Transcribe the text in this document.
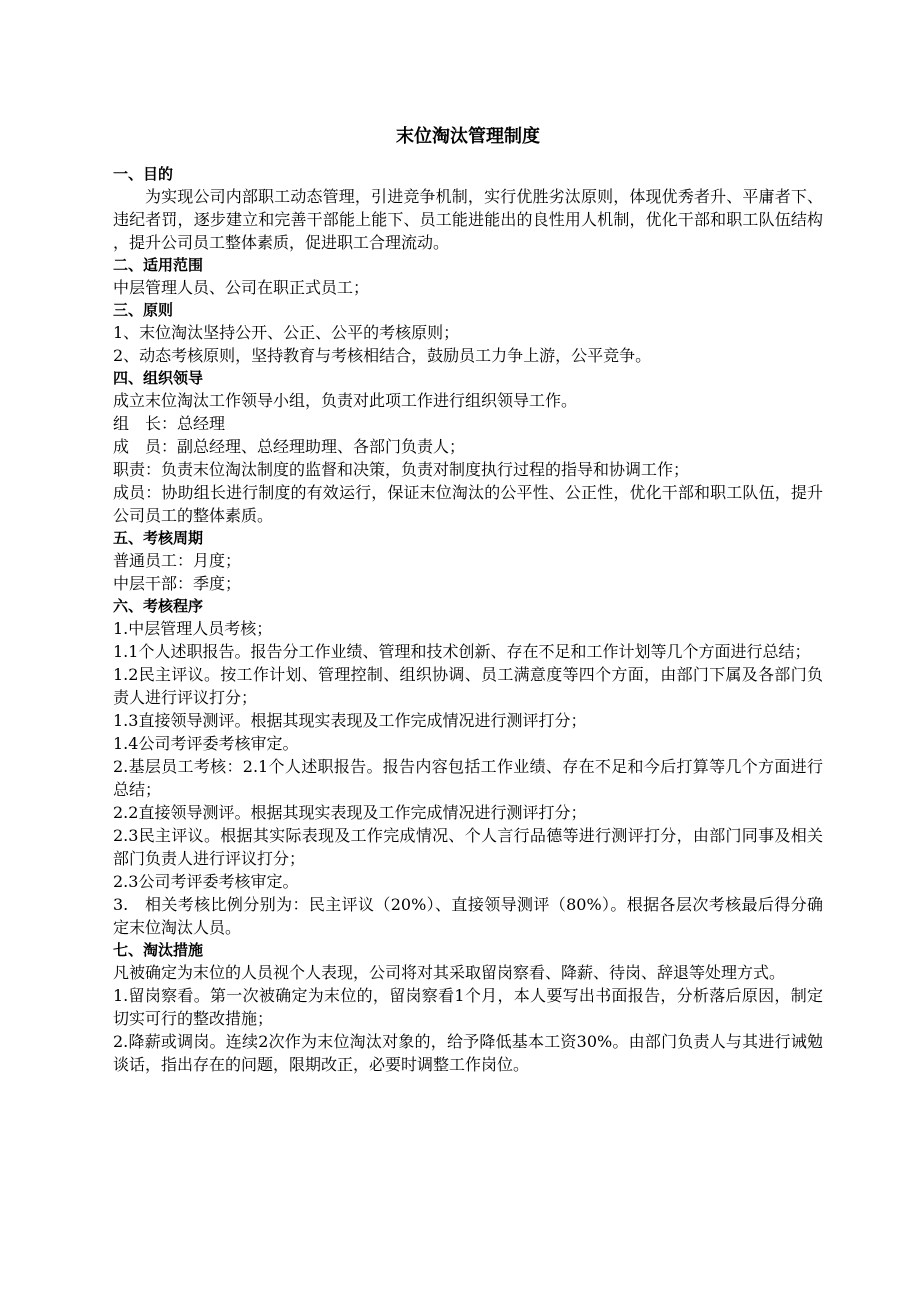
末位淘汰管理制度
一、目的
为实现公司内部职工动态管理，引进竞争机制，实行优胜劣汰原则，体现优秀者升、平庸者下、违纪者罚，逐步建立和完善干部能上能下、员工能进能出的良性用人机制，优化干部和职工队伍结构，提升公司员工整体素质，促进职工合理流动。
二、适用范围
中层管理人员、公司在职正式员工；
三、原则
1、末位淘汰坚持公开、公正、公平的考核原则；
2、动态考核原则，坚持教育与考核相结合，鼓励员工力争上游，公平竞争。
四、组织领导
成立末位淘汰工作领导小组，负责对此项工作进行组织领导工作。
组　长：总经理
成　员：副总经理、总经理助理、各部门负责人；
职责：负责末位淘汰制度的监督和决策，负责对制度执行过程的指导和协调工作；
成员：协助组长进行制度的有效运行，保证末位淘汰的公平性、公正性，优化干部和职工队伍，提升公司员工的整体素质。
五、考核周期
普通员工：月度；
中层干部：季度；
六、考核程序
1.中层管理人员考核；
1.1个人述职报告。报告分工作业绩、管理和技术创新、存在不足和工作计划等几个方面进行总结；
1.2民主评议。按工作计划、管理控制、组织协调、员工满意度等四个方面，由部门下属及各部门负责人进行评议打分；
1.3直接领导测评。根据其现实表现及工作完成情况进行测评打分；
1.4公司考评委考核审定。
2.基层员工考核：2.1个人述职报告。报告内容包括工作业绩、存在不足和今后打算等几个方面进行总结；
2.2直接领导测评。根据其现实表现及工作完成情况进行测评打分；
2.3民主评议。根据其实际表现及工作完成情况、个人言行品德等进行测评打分，由部门同事及相关部门负责人进行评议打分；
2.3公司考评委考核审定。
3.　相关考核比例分别为：民主评议（20%）、直接领导测评（80%）。根据各层次考核最后得分确定末位淘汰人员。
七、淘汰措施
凡被确定为末位的人员视个人表现，公司将对其采取留岗察看、降薪、待岗、辞退等处理方式。
1.留岗察看。第一次被确定为末位的，留岗察看1个月，本人要写出书面报告，分析落后原因，制定切实可行的整改措施；
2.降薪或调岗。连续2次作为末位淘汰对象的，给予降低基本工资30%。由部门负责人与其进行诫勉谈话，指出存在的问题，限期改正，必要时调整工作岗位。
